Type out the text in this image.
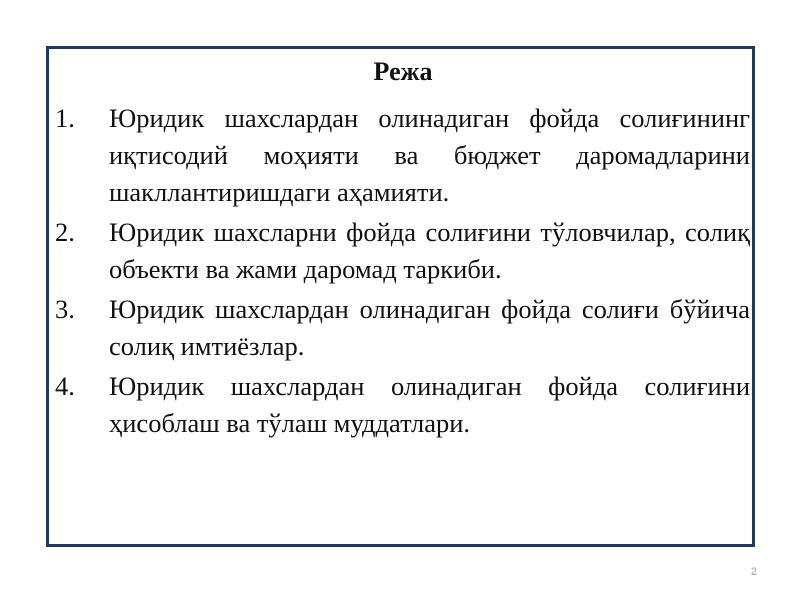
Режа
1. Юридик шахслардан олинадиган фойда солиғининг иқтисодий моҳияти ва бюджет даромадларини шакллантиришдаги аҳамияти.
2. Юридик шахсларни фойда солиғини тўловчилар, солиқ объекти ва жами даромад таркиби.
3. Юридик шахслардан олинадиган фойда солиғи бўйича солиқ имтиёзлар.
4. Юридик шахслардан олинадиган фойда солиғини ҳисоблаш ва тўлаш муддатлари.
2
